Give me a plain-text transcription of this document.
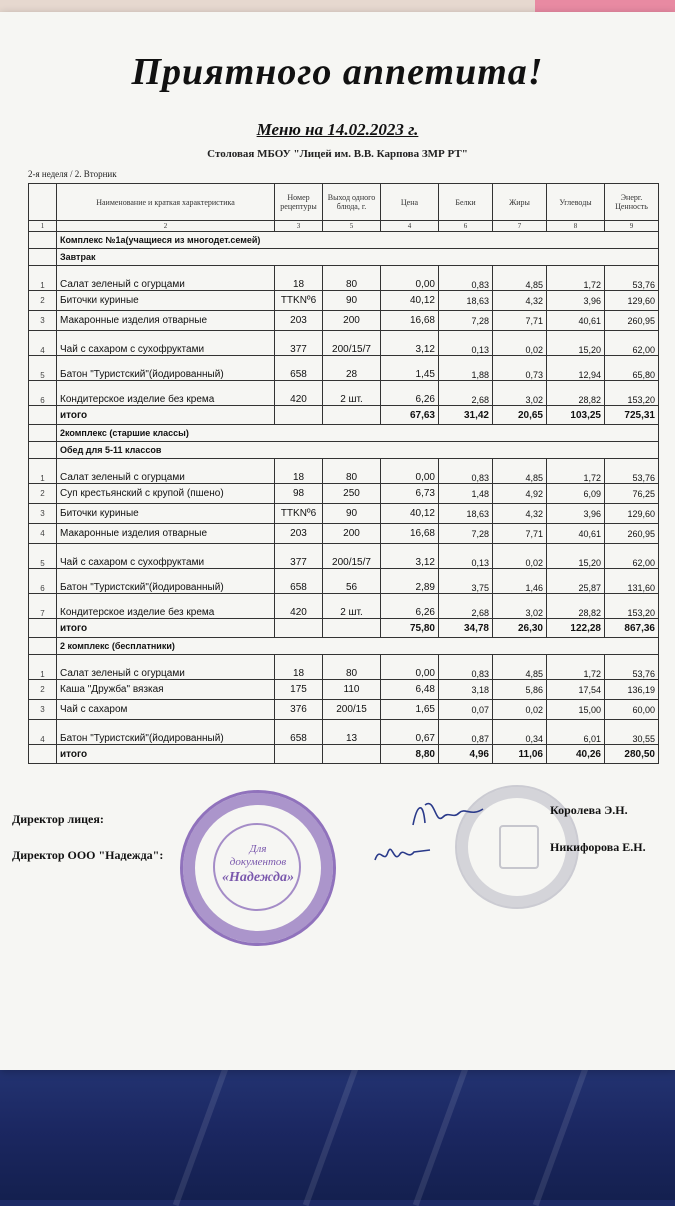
Приятного аппетита!
Меню на 14.02.2023 г.
Столовая МБОУ "Лицей им. В.В. Карпова ЗМР РТ"
2-я неделя / 2. Вторник
	Наименование и краткая характеристика	Номер рецептуры	Выход одного блюда, г.	Цена	Белки	Жиры	Углеводы	Энерг. Ценность
1	2	3	5	4	6	7	8	9
	Комплекс №1а(учащиеся из многодет.семей)							
	Завтрак							
1	Салат зеленый с огурцами	18	80	0,00	0,83	4,85	1,72	53,76
2	Биточки куриные	TTKNº6	90	40,12	18,63	4,32	3,96	129,60
3	Макаронные изделия отварные	203	200	16,68	7,28	7,71	40,61	260,95
4	Чай с сахаром с сухофруктами	377	200/15/7	3,12	0,13	0,02	15,20	62,00
5	Батон "Туристский"(йодированный)	658	28	1,45	1,88	0,73	12,94	65,80
6	Кондитерское изделие без крема	420	2 шт.	6,26	2,68	3,02	28,82	153,20
	итого			67,63	31,42	20,65	103,25	725,31
	2комплекс (старшие классы)							
	Обед для 5-11 классов							
1	Салат зеленый с огурцами	18	80	0,00	0,83	4,85	1,72	53,76
2	Суп крестьянский с крупой (пшено)	98	250	6,73	1,48	4,92	6,09	76,25
3	Биточки куриные	TTKNº6	90	40,12	18,63	4,32	3,96	129,60
4	Макаронные изделия отварные	203	200	16,68	7,28	7,71	40,61	260,95
5	Чай с сахаром с сухофруктами	377	200/15/7	3,12	0,13	0,02	15,20	62,00
6	Батон "Туристский"(йодированный)	658	56	2,89	3,75	1,46	25,87	131,60
7	Кондитерское изделие без крема	420	2 шт.	6,26	2,68	3,02	28,82	153,20
	итого			75,80	34,78	26,30	122,28	867,36
	2 комплекс (бесплатники)							
1	Салат зеленый с огурцами	18	80	0,00	0,83	4,85	1,72	53,76
2	Каша "Дружба" вязкая	175	110	6,48	3,18	5,86	17,54	136,19
3	Чай с сахаром	376	200/15	1,65	0,07	0,02	15,00	60,00
4	Батон "Туристский"(йодированный)	658	13	0,67	0,87	0,34	6,01	30,55
	итого			8,80	4,96	11,06	40,26	280,50
Для
документов
«Надежда»
Директор лицея:
Директор ООО "Надежда":
Королева Э.Н.
Никифорова Е.Н.
